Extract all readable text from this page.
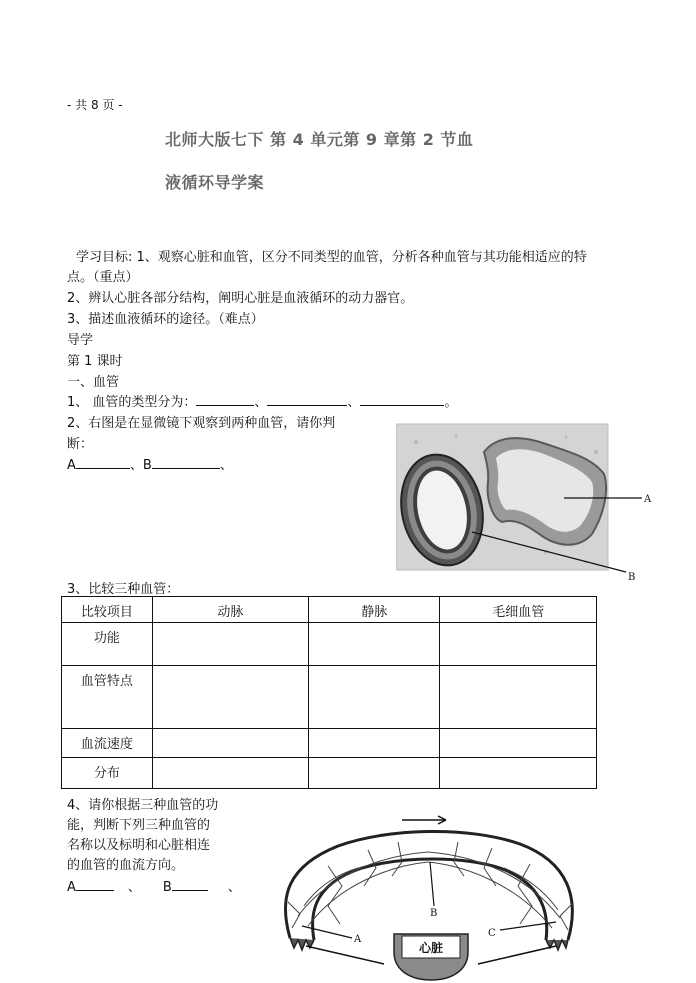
- 共 8 页 -
北师大版七下 第 4 单元第 9 章第 2 节血
液循环导学案
学习目标: 1、观察心脏和血管，区分不同类型的血管，分析各种血管与其功能相适应的特
点。（重点）
2、辨认心脏各部分结构，阐明心脏是血液循环的动力器官。
3、描述血液循环的途径。（难点）
导学
第 1 课时
一、血管
1、 血管的类型分为：	、	、	。
2、右图是在显微镜下观察到两种血管，请你判
断：
A	、B	、
A
B
3、比较三种血管：
比较项目	动脉	静脉	毛细血管
功能			
血管特点			
血流速度			
分布			
4、请你根据三种血管的功
能，判断下列三种血管的
名称以及标明和心脏相连
的血管的血流方向。
A	、 B	、
B
A
C
心脏
